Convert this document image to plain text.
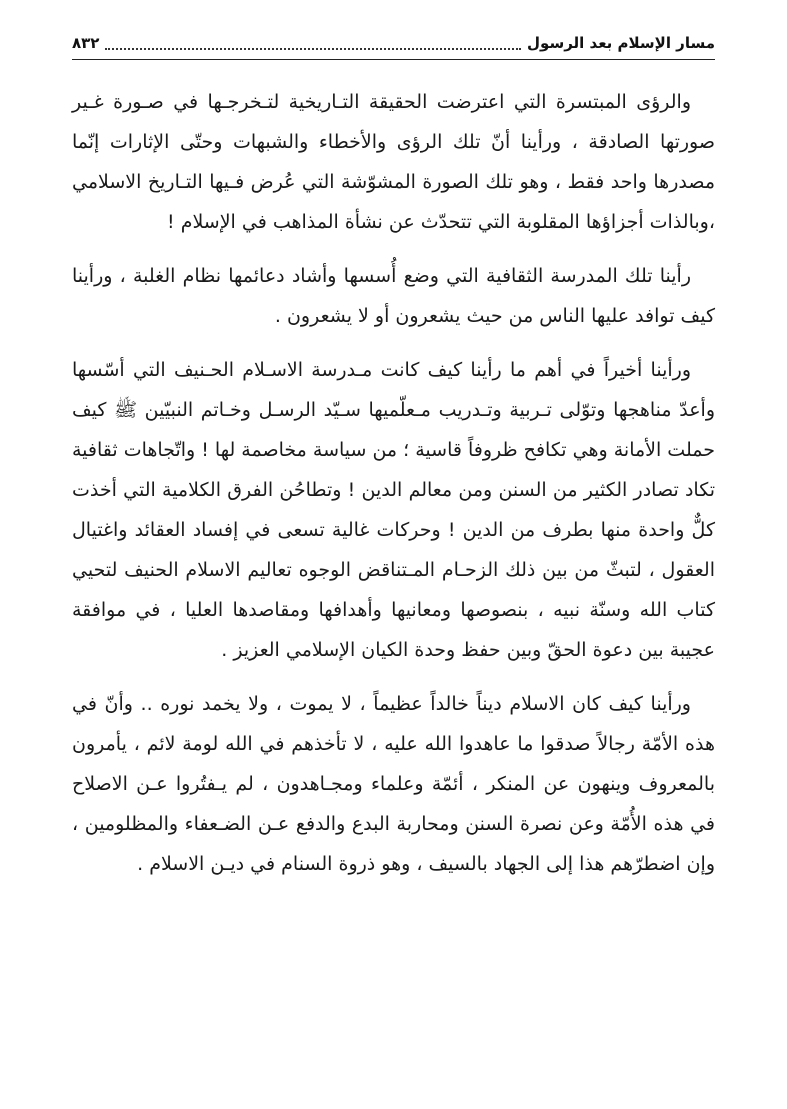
مسار الإسلام بعد الرسول
٨٣٢

والرؤى المبتسرة التي اعترضت الحقيقة التـاريخية لتـخرجـها في صـورة غـير صورتها الصادقة ، ورأينا أنّ تلك الرؤى والأخطاء والشبهات وحتّى الإثارات إنّما مصدرها واحد فقط ، وهو تلك الصورة المشوّشة التي عُرض فـيها التـاريخ الاسلامي ،وبالذات أجزاؤها المقلوبة التي تتحدّث عن نشأة المذاهب في الإسلام !

رأينا تلك المدرسة الثقافية التي وضع أُسسها وأشاد دعائمها نظام الغلبة ، ورأينا كيف توافد عليها الناس من حيث يشعرون أو لا يشعرون .

ورأينا أخيراً في أهم ما رأينا كيف كانت مـدرسة الاسـلام الحـنيف التي أسّسها وأعدّ مناهجها وتوّلى تـربية وتـدريب مـعلّميها سـيّد الرسـل وخـاتم النبيّين ﷺ كيف حملت الأمانة وهي تكافح ظروفاً قاسية ؛ من سياسة مخاصمة لها ! واتّجاهات ثقافية تكاد تصادر الكثير من السنن ومن معالم الدين ! وتطاحُن الفرق الكلامية التي أخذت كلٌّ واحدة منها بطرف من الدين ! وحركات غالية تسعى في إفساد العقائد واغتيال العقول ، لتبثّ من بين ذلك الزحـام المـتناقض الوجوه تعاليم الاسلام الحنيف لتحيي كتاب الله وسنّة نبيه ، بنصوصها ومعانيها وأهدافها ومقاصدها العليا ، في موافقة عجيبة بين دعوة الحقّ وبين حفظ وحدة الكيان الإسلامي العزيز .

ورأينا كيف كان الاسلام ديناً خالداً عظيماً ، لا يموت ، ولا يخمد نوره .. وأنّ في هذه الأمّة رجالاً صدقوا ما عاهدوا الله عليه ، لا تأخذهم في الله لومة لائم ، يأمرون بالمعروف وينهون عن المنكر ، أئمّة وعلماء ومجـاهدون ، لم يـفتُروا عـن الاصلاح في هذه الأُمّة وعن نصرة السنن ومحاربة البدع والدفع عـن الضـعفاء والمظلومين ، وإن اضطرّهم هذا إلى الجهاد بالسيف ، وهو ذروة السنام في ديـن الاسلام .
